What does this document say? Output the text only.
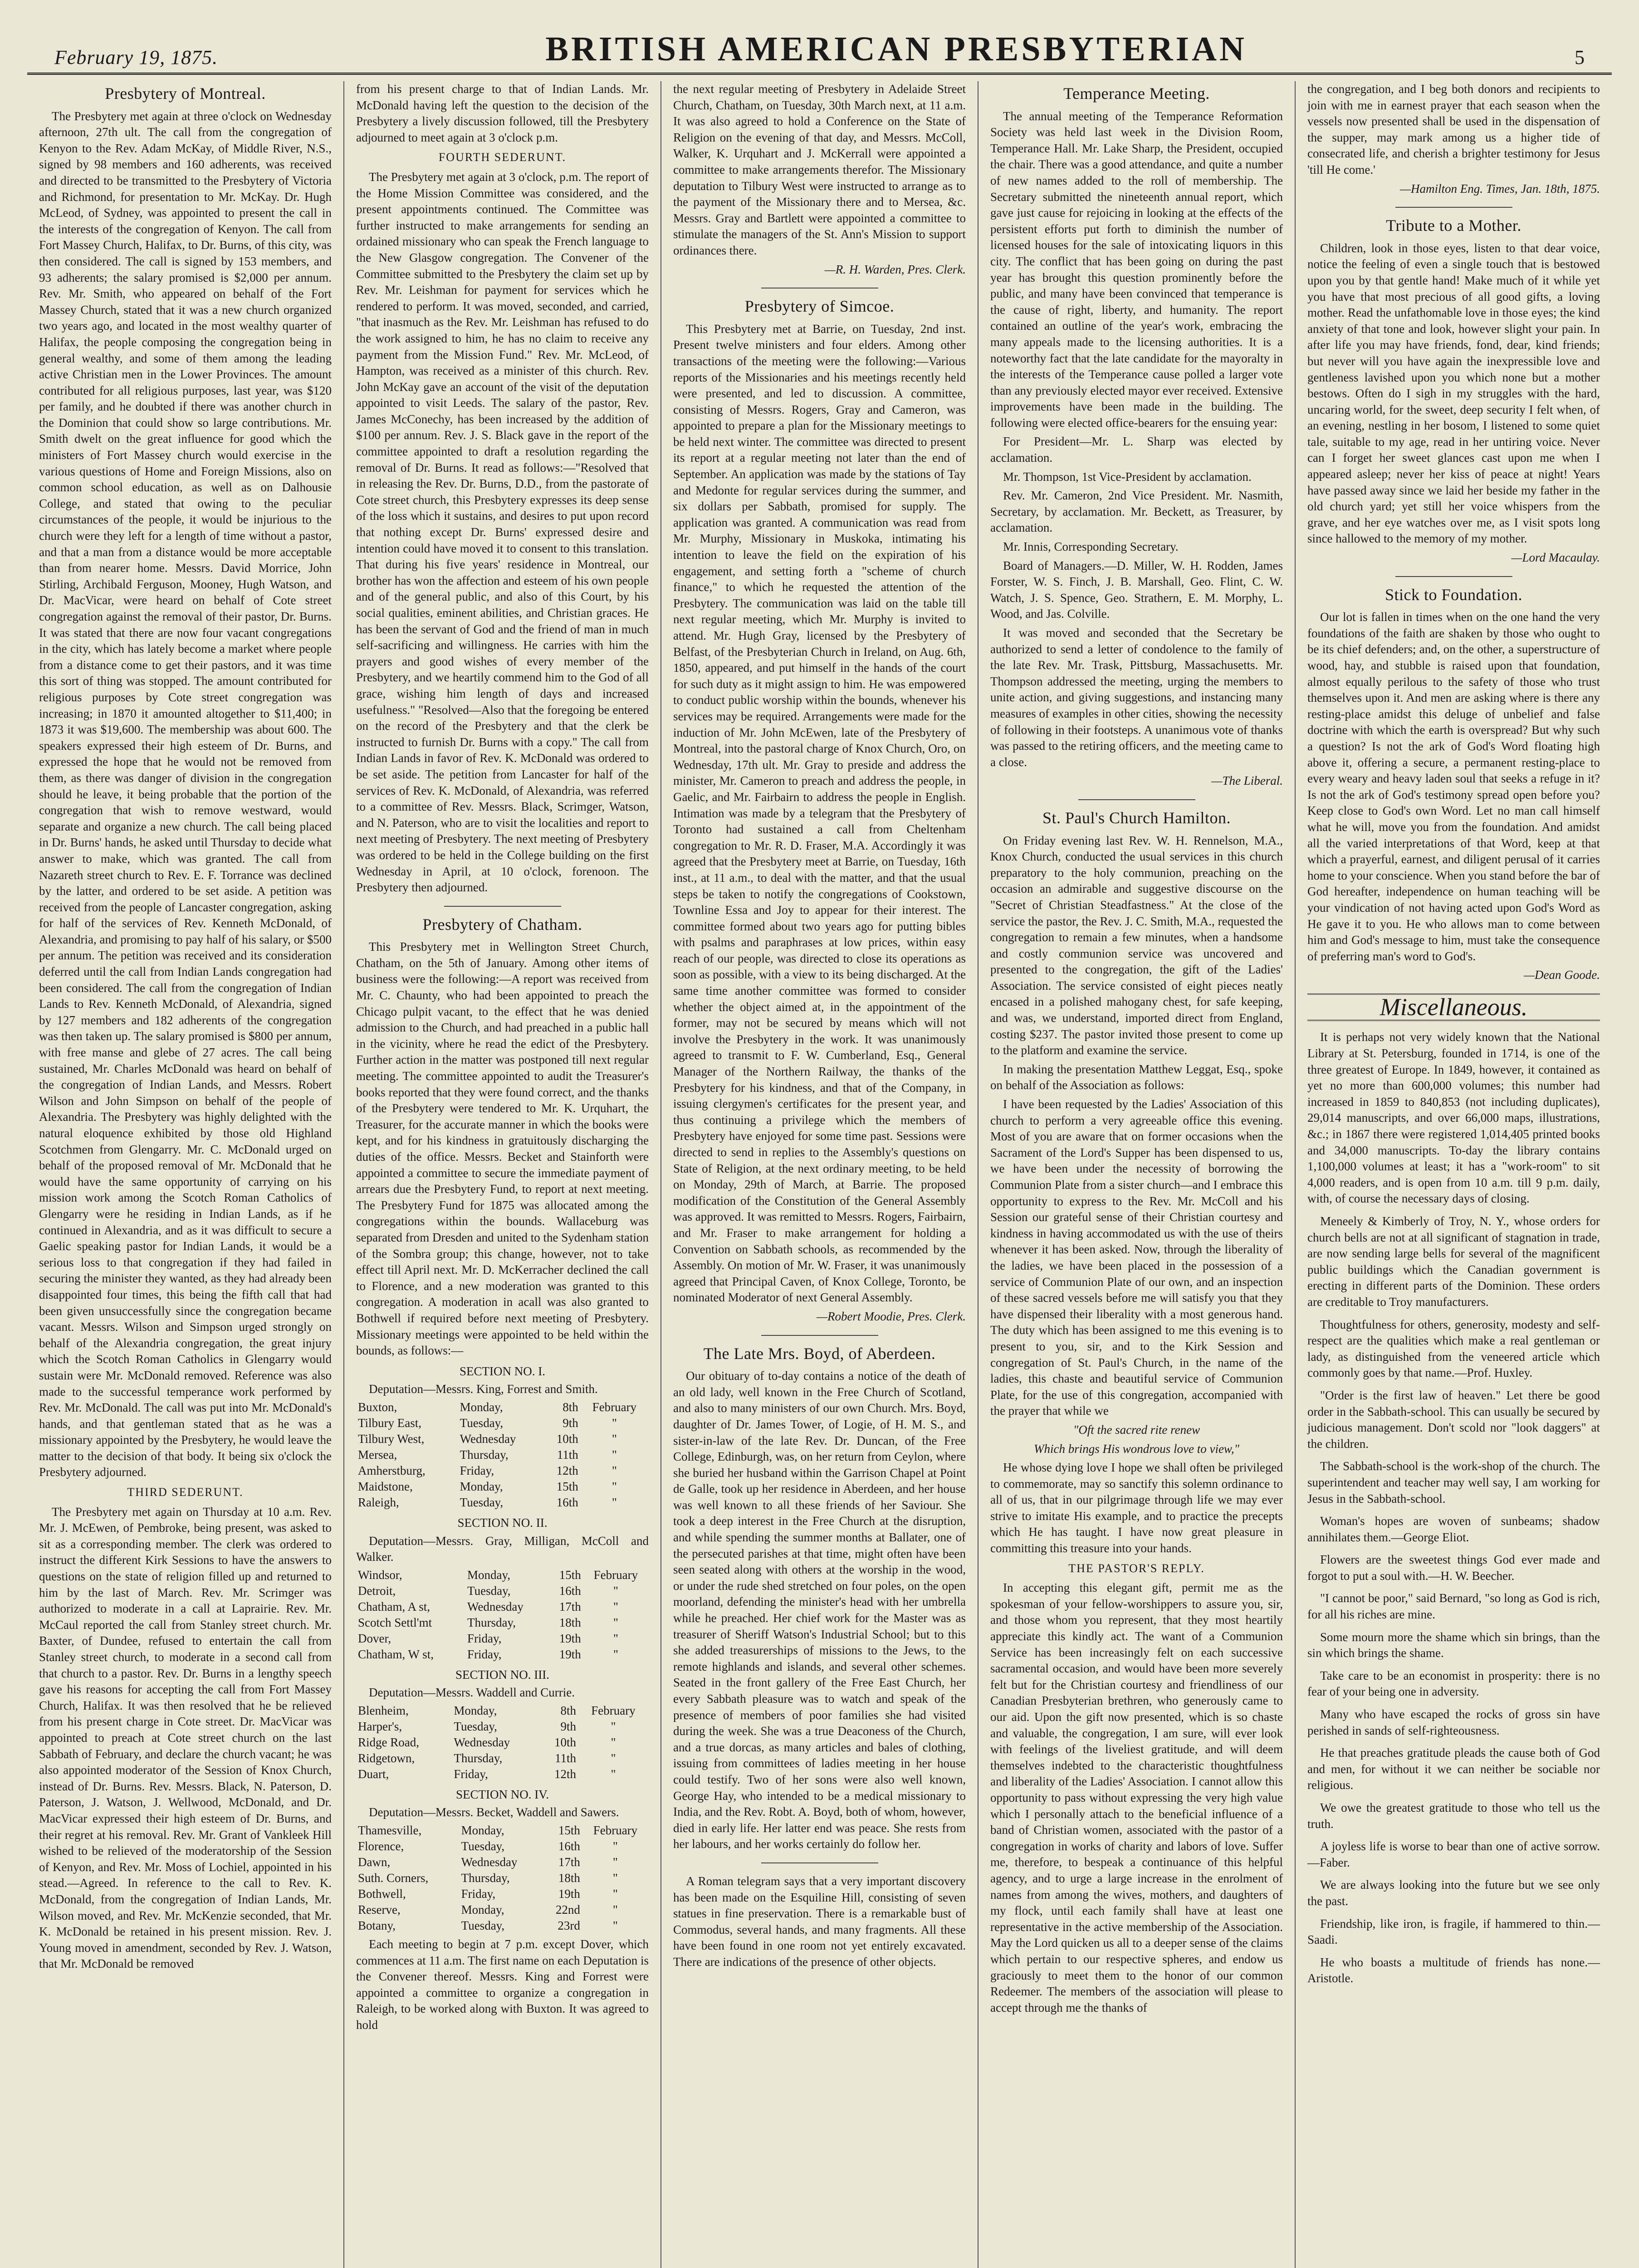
February 19, 1875.	BRITISH AMERICAN PRESBYTERIAN	5
Presbytery of Montreal.

The Presbytery met again at three o'clock on Wednesday afternoon, 27th ult. The call from the congregation of Kenyon to the Rev. Adam McKay, of Middle River, N.S., signed by 98 members and 160 adherents, was received and directed to be transmitted to the Presbytery of Victoria and Richmond, for presentation to Mr. McKay. Dr. Hugh McLeod, of Sydney, was appointed to present the call in the interests of the congregation of Kenyon. The call from Fort Massey Church, Halifax, to Dr. Burns, of this city, was then considered. The call is signed by 153 members, and 93 adherents; the salary promised is $2,000 per annum. Rev. Mr. Smith, who appeared on behalf of the Fort Massey Church, stated that it was a new church organized two years ago, and located in the most wealthy quarter of Halifax, the people composing the congregation being in general wealthy, and some of them among the leading active Christian men in the Lower Provinces. The amount contributed for all religious purposes, last year, was $120 per family, and he doubted if there was another church in the Dominion that could show so large contributions. Mr. Smith dwelt on the great influence for good which the ministers of Fort Massey church would exercise in the various questions of Home and Foreign Missions, also on common school education, as well as on Dalhousie College, and stated that owing to the peculiar circumstances of the people, it would be injurious to the church were they left for a length of time without a pastor, and that a man from a distance would be more acceptable than from nearer home. Messrs. David Morrice, John Stirling, Archibald Ferguson, Mooney, Hugh Watson, and Dr. MacVicar, were heard on behalf of Cote street congregation against the removal of their pastor, Dr. Burns. It was stated that there are now four vacant congregations in the city, which has lately become a market where people from a distance come to get their pastors, and it was time this sort of thing was stopped. The amount contributed for religious purposes by Cote street congregation was increasing; in 1870 it amounted altogether to $11,400; in 1873 it was $19,600. The membership was about 600. The speakers expressed their high esteem of Dr. Burns, and expressed the hope that he would not be removed from them, as there was danger of division in the congregation should he leave, it being probable that the portion of the congregation that wish to remove westward, would separate and organize a new church. The call being placed in Dr. Burns' hands, he asked until Thursday to decide what answer to make, which was granted. The call from Nazareth street church to Rev. E. F. Torrance was declined by the latter, and ordered to be set aside. A petition was received from the people of Lancaster congregation, asking for half of the services of Rev. Kenneth McDonald, of Alexandria, and promising to pay half of his salary, or $500 per annum. The petition was received and its consideration deferred until the call from Indian Lands congregation had been considered. The call from the congregation of Indian Lands to Rev. Kenneth McDonald, of Alexandria, signed by 127 members and 182 adherents of the congregation was then taken up. The salary promised is $800 per annum, with free manse and glebe of 27 acres. The call being sustained, Mr. Charles McDonald was heard on behalf of the congregation of Indian Lands, and Messrs. Robert Wilson and John Simpson on behalf of the people of Alexandria. The Presbytery was highly delighted with the natural eloquence exhibited by those old Highland Scotchmen from Glengarry. Mr. C. McDonald urged on behalf of the proposed removal of Mr. McDonald that he would have the same opportunity of carrying on his mission work among the Scotch Roman Catholics of Glengarry were he residing in Indian Lands, as if he continued in Alexandria, and as it was difficult to secure a Gaelic speaking pastor for Indian Lands, it would be a serious loss to that congregation if they had failed in securing the minister they wanted, as they had already been disappointed four times, this being the fifth call that had been given unsuccessfully since the congregation became vacant. Messrs. Wilson and Simpson urged strongly on behalf of the Alexandria congregation, the great injury which the Scotch Roman Catholics in Glengarry would sustain were Mr. McDonald removed. Reference was also made to the successful temperance work performed by Rev. Mr. McDonald. The call was put into Mr. McDonald's hands, and that gentleman stated that as he was a missionary appointed by the Presbytery, he would leave the matter to the decision of that body. It being six o'clock the Presbytery adjourned.

THIRD SEDERUNT.

The Presbytery met again on Thursday at 10 a.m. Rev. Mr. J. McEwen, of Pembroke, being present, was asked to sit as a corresponding member. The clerk was ordered to instruct the different Kirk Sessions to have the answers to questions on the state of religion filled up and returned to him by the last of March. Rev. Mr. Scrimger was authorized to moderate in a call at Laprairie. Rev. Mr. McCaul reported the call from Stanley street church. Mr. Baxter, of Dundee, refused to entertain the call from Stanley street church, to moderate in a second call from that church to a pastor. Rev. Dr. Burns in a lengthy speech gave his reasons for accepting the call from Fort Massey Church, Halifax. It was then resolved that he be relieved from his present charge in Cote street. Dr. MacVicar was appointed to preach at Cote street church on the last Sabbath of February, and declare the church vacant; he was also appointed moderator of the Session of Knox Church, instead of Dr. Burns. Rev. Messrs. Black, N. Paterson, D. Paterson, J. Watson, J. Wellwood, McDonald, and Dr. MacVicar expressed their high esteem of Dr. Burns, and their regret at his removal. Rev. Mr. Grant of Vankleek Hill wished to be relieved of the moderatorship of the Session of Kenyon, and Rev. Mr. Moss of Lochiel, appointed in his stead.—Agreed. In reference to the call to Rev. K. McDonald, from the congregation of Indian Lands, Mr. Wilson moved, and Rev. Mr. McKenzie seconded, that Mr. K. McDonald be retained in his present mission. Rev. J. Young moved in amendment, seconded by Rev. J. Watson, that Mr. McDonald be removed

from his present charge to that of Indian Lands. Mr. McDonald having left the question to the decision of the Presbytery a lively discussion followed, till the Presbytery adjourned to meet again at 3 o'clock p.m.

FOURTH SEDERUNT.

The Presbytery met again at 3 o'clock, p.m. The report of the Home Mission Committee was considered, and the present appointments continued. The Committee was further instructed to make arrangements for sending an ordained missionary who can speak the French language to the New Glasgow congregation. The Convener of the Committee submitted to the Presbytery the claim set up by Rev. Mr. Leishman for payment for services which he rendered to perform. It was moved, seconded, and carried, "that inasmuch as the Rev. Mr. Leishman has refused to do the work assigned to him, he has no claim to receive any payment from the Mission Fund." Rev. Mr. McLeod, of Hampton, was received as a minister of this church. Rev. John McKay gave an account of the visit of the deputation appointed to visit Leeds. The salary of the pastor, Rev. James McConechy, has been increased by the addition of $100 per annum. Rev. J. S. Black gave in the report of the committee appointed to draft a resolution regarding the removal of Dr. Burns. It read as follows:—"Resolved that in releasing the Rev. Dr. Burns, D.D., from the pastorate of Cote street church, this Presbytery expresses its deep sense of the loss which it sustains, and desires to put upon record that nothing except Dr. Burns' expressed desire and intention could have moved it to consent to this translation. That during his five years' residence in Montreal, our brother has won the affection and esteem of his own people and of the general public, and also of this Court, by his social qualities, eminent abilities, and Christian graces. He has been the servant of God and the friend of man in much self-sacrificing and willingness. He carries with him the prayers and good wishes of every member of the Presbytery, and we heartily commend him to the God of all grace, wishing him length of days and increased usefulness." "Resolved—Also that the foregoing be entered on the record of the Presbytery and that the clerk be instructed to furnish Dr. Burns with a copy." The call from Indian Lands in favor of Rev. K. McDonald was ordered to be set aside. The petition from Lancaster for half of the services of Rev. K. McDonald, of Alexandria, was referred to a committee of Rev. Messrs. Black, Scrimger, Watson, and N. Paterson, who are to visit the localities and report to next meeting of Presbytery. The next meeting of Presbytery was ordered to be held in the College building on the first Wednesday in April, at 10 o'clock, forenoon. The Presbytery then adjourned.

Presbytery of Chatham.

This Presbytery met in Wellington Street Church, Chatham, on the 5th of January. Among other items of business were the following:—A report was received from Mr. C. Chaunty, who had been appointed to preach the Chicago pulpit vacant, to the effect that he was denied admission to the Church, and had preached in a public hall in the vicinity, where he read the edict of the Presbytery. Further action in the matter was postponed till next regular meeting. The committee appointed to audit the Treasurer's books reported that they were found correct, and the thanks of the Presbytery were tendered to Mr. K. Urquhart, the Treasurer, for the accurate manner in which the books were kept, and for his kindness in gratuitously discharging the duties of the office. Messrs. Becket and Stainforth were appointed a committee to secure the immediate payment of arrears due the Presbytery Fund, to report at next meeting. The Presbytery Fund for 1875 was allocated among the congregations within the bounds. Wallaceburg was separated from Dresden and united to the Sydenham station of the Sombra group; this change, however, not to take effect till April next. Mr. D. McKerracher declined the call to Florence, and a new moderation was granted to this congregation. A moderation in acall was also granted to Bothwell if required before next meeting of Presbytery. Missionary meetings were appointed to be held within the bounds, as follows:—

SECTION NO. I.
Deputation—Messrs. King, Forrest and Smith.
Buxton,	Monday,	8th	February
Tilbury East,	Tuesday,	9th	"
Tilbury West,	Wednesday	10th	"
Mersea,	Thursday,	11th	"
Amherstburg,	Friday,	12th	"
Maidstone,	Monday,	15th	"
Raleigh,	Tuesday,	16th	"
SECTION NO. II.
Deputation—Messrs. Gray, Milligan, McColl and Walker.
Windsor,	Monday,	15th	February
Detroit,	Tuesday,	16th	"
Chatham, A st,	Wednesday	17th	"
Scotch Settl'mt	Thursday,	18th	"
Dover,	Friday,	19th	"
Chatham, W st,	Friday,	19th	"
SECTION NO. III.
Deputation—Messrs. Waddell and Currie.
Blenheim,	Monday,	8th	February
Harper's,	Tuesday,	9th	"
Ridge Road,	Wednesday	10th	"
Ridgetown,	Thursday,	11th	"
Duart,	Friday,	12th	"
SECTION NO. IV.
Deputation—Messrs. Becket, Waddell and Sawers.
Thamesville,	Monday,	15th	February
Florence,	Tuesday,	16th	"
Dawn,	Wednesday	17th	"
Suth. Corners,	Thursday,	18th	"
Bothwell,	Friday,	19th	"
Reserve,	Monday,	22nd	"
Botany,	Tuesday,	23rd	"

Each meeting to begin at 7 p.m. except Dover, which commences at 11 a.m. The first name on each Deputation is the Convener thereof. Messrs. King and Forrest were appointed a committee to organize a congregation in Raleigh, to be worked along with Buxton. It was agreed to hold

the next regular meeting of Presbytery in Adelaide Street Church, Chatham, on Tuesday, 30th March next, at 11 a.m. It was also agreed to hold a Conference on the State of Religion on the evening of that day, and Messrs. McColl, Walker, K. Urquhart and J. McKerrall were appointed a committee to make arrangements therefor. The Missionary deputation to Tilbury West were instructed to arrange as to the payment of the Missionary there and to Mersea, &c. Messrs. Gray and Bartlett were appointed a committee to stimulate the managers of the St. Ann's Mission to support ordinances there.

—R. H. Warden, Pres. Clerk.
Presbytery of Simcoe.

This Presbytery met at Barrie, on Tuesday, 2nd inst. Present twelve ministers and four elders. Among other transactions of the meeting were the following:—Various reports of the Missionaries and his meetings recently held were presented, and led to discussion. A committee, consisting of Messrs. Rogers, Gray and Cameron, was appointed to prepare a plan for the Missionary meetings to be held next winter. The committee was directed to present its report at a regular meeting not later than the end of September. An application was made by the stations of Tay and Medonte for regular services during the summer, and six dollars per Sabbath, promised for supply. The application was granted. A communication was read from Mr. Murphy, Missionary in Muskoka, intimating his intention to leave the field on the expiration of his engagement, and setting forth a "scheme of church finance," to which he requested the attention of the Presbytery. The communication was laid on the table till next regular meeting, which Mr. Murphy is invited to attend. Mr. Hugh Gray, licensed by the Presbytery of Belfast, of the Presbyterian Church in Ireland, on Aug. 6th, 1850, appeared, and put himself in the hands of the court for such duty as it might assign to him. He was empowered to conduct public worship within the bounds, whenever his services may be required. Arrangements were made for the induction of Mr. John McEwen, late of the Presbytery of Montreal, into the pastoral charge of Knox Church, Oro, on Wednesday, 17th ult. Mr. Gray to preside and address the minister, Mr. Cameron to preach and address the people, in Gaelic, and Mr. Fairbairn to address the people in English. Intimation was made by a telegram that the Presbytery of Toronto had sustained a call from Cheltenham congregation to Mr. R. D. Fraser, M.A. Accordingly it was agreed that the Presbytery meet at Barrie, on Tuesday, 16th inst., at 11 a.m., to deal with the matter, and that the usual steps be taken to notify the congregations of Cookstown, Townline Essa and Joy to appear for their interest. The committee formed about two years ago for putting bibles with psalms and paraphrases at low prices, within easy reach of our people, was directed to close its operations as soon as possible, with a view to its being discharged. At the same time another committee was formed to consider whether the object aimed at, in the appointment of the former, may not be secured by means which will not involve the Presbytery in the work. It was unanimously agreed to transmit to F. W. Cumberland, Esq., General Manager of the Northern Railway, the thanks of the Presbytery for his kindness, and that of the Company, in issuing clergymen's certificates for the present year, and thus continuing a privilege which the members of Presbytery have enjoyed for some time past. Sessions were directed to send in replies to the Assembly's questions on State of Religion, at the next ordinary meeting, to be held on Monday, 29th of March, at Barrie. The proposed modification of the Constitution of the General Assembly was approved. It was remitted to Messrs. Rogers, Fairbairn, and Mr. Fraser to make arrangement for holding a Convention on Sabbath schools, as recommended by the Assembly. On motion of Mr. W. Fraser, it was unanimously agreed that Principal Caven, of Knox College, Toronto, be nominated Moderator of next General Assembly.

—Robert Moodie, Pres. Clerk.
The Late Mrs. Boyd, of Aberdeen.

Our obituary of to-day contains a notice of the death of an old lady, well known in the Free Church of Scotland, and also to many ministers of our own Church. Mrs. Boyd, daughter of Dr. James Tower, of Logie, of H. M. S., and sister-in-law of the late Rev. Dr. Duncan, of the Free College, Edinburgh, was, on her return from Ceylon, where she buried her husband within the Garrison Chapel at Point de Galle, took up her residence in Aberdeen, and her house was well known to all these friends of her Saviour. She took a deep interest in the Free Church at the disruption, and while spending the summer months at Ballater, one of the persecuted parishes at that time, might often have been seen seated along with others at the worship in the wood, or under the rude shed stretched on four poles, on the open moorland, defending the minister's head with her umbrella while he preached. Her chief work for the Master was as treasurer of Sheriff Watson's Industrial School; but to this she added treasurerships of missions to the Jews, to the remote highlands and islands, and several other schemes. Seated in the front gallery of the Free East Church, her every Sabbath pleasure was to watch and speak of the presence of members of poor families she had visited during the week. She was a true Deaconess of the Church, and a true dorcas, as many articles and bales of clothing, issuing from committees of ladies meeting in her house could testify. Two of her sons were also well known, George Hay, who intended to be a medical missionary to India, and the Rev. Robt. A. Boyd, both of whom, however, died in early life. Her latter end was peace. She rests from her labours, and her works certainly do follow her.

A Roman telegram says that a very important discovery has been made on the Esquiline Hill, consisting of seven statues in fine preservation. There is a remarkable bust of Commodus, several hands, and many fragments. All these have been found in one room not yet entirely excavated. There are indications of the presence of other objects.

Temperance Meeting.

The annual meeting of the Temperance Reformation Society was held last week in the Division Room, Temperance Hall. Mr. Lake Sharp, the President, occupied the chair. There was a good attendance, and quite a number of new names added to the roll of membership. The Secretary submitted the nineteenth annual report, which gave just cause for rejoicing in looking at the effects of the persistent efforts put forth to diminish the number of licensed houses for the sale of intoxicating liquors in this city. The conflict that has been going on during the past year has brought this question prominently before the public, and many have been convinced that temperance is the cause of right, liberty, and humanity. The report contained an outline of the year's work, embracing the many appeals made to the licensing authorities. It is a noteworthy fact that the late candidate for the mayoralty in the interests of the Temperance cause polled a larger vote than any previously elected mayor ever received. Extensive improvements have been made in the building. The following were elected office-bearers for the ensuing year:

For President—Mr. L. Sharp was elected by acclamation.

Mr. Thompson, 1st Vice-President by acclamation.

Rev. Mr. Cameron, 2nd Vice President. Mr. Nasmith, Secretary, by acclamation. Mr. Beckett, as Treasurer, by acclamation.

Mr. Innis, Corresponding Secretary.

Board of Managers.—D. Miller, W. H. Rodden, James Forster, W. S. Finch, J. B. Marshall, Geo. Flint, C. W. Watch, J. S. Spence, Geo. Strathern, E. M. Morphy, L. Wood, and Jas. Colville.

It was moved and seconded that the Secretary be authorized to send a letter of condolence to the family of the late Rev. Mr. Trask, Pittsburg, Massachusetts. Mr. Thompson addressed the meeting, urging the members to unite action, and giving suggestions, and instancing many measures of examples in other cities, showing the necessity of following in their footsteps. A unanimous vote of thanks was passed to the retiring officers, and the meeting came to a close.

—The Liberal.
St. Paul's Church Hamilton.

On Friday evening last Rev. W. H. Rennelson, M.A., Knox Church, conducted the usual services in this church preparatory to the holy communion, preaching on the occasion an admirable and suggestive discourse on the "Secret of Christian Steadfastness." At the close of the service the pastor, the Rev. J. C. Smith, M.A., requested the congregation to remain a few minutes, when a handsome and costly communion service was uncovered and presented to the congregation, the gift of the Ladies' Association. The service consisted of eight pieces neatly encased in a polished mahogany chest, for safe keeping, and was, we understand, imported direct from England, costing $237. The pastor invited those present to come up to the platform and examine the service.

In making the presentation Matthew Leggat, Esq., spoke on behalf of the Association as follows:

I have been requested by the Ladies' Association of this church to perform a very agreeable office this evening. Most of you are aware that on former occasions when the Sacrament of the Lord's Supper has been dispensed to us, we have been under the necessity of borrowing the Communion Plate from a sister church—and I embrace this opportunity to express to the Rev. Mr. McColl and his Session our grateful sense of their Christian courtesy and kindness in having accommodated us with the use of theirs whenever it has been asked. Now, through the liberality of the ladies, we have been placed in the possession of a service of Communion Plate of our own, and an inspection of these sacred vessels before me will satisfy you that they have dispensed their liberality with a most generous hand. The duty which has been assigned to me this evening is to present to you, sir, and to the Kirk Session and congregation of St. Paul's Church, in the name of the ladies, this chaste and beautiful service of Communion Plate, for the use of this congregation, accompanied with the prayer that while we

"Oft the sacred rite renew
Which brings His wondrous love to view,"

He whose dying love I hope we shall often be privileged to commemorate, may so sanctify this solemn ordinance to all of us, that in our pilgrimage through life we may ever strive to imitate His example, and to practice the precepts which He has taught. I have now great pleasure in committing this treasure into your hands.

THE PASTOR'S REPLY.

In accepting this elegant gift, permit me as the spokesman of your fellow-worshippers to assure you, sir, and those whom you represent, that they most heartily appreciate this kindly act. The want of a Communion Service has been increasingly felt on each successive sacramental occasion, and would have been more severely felt but for the Christian courtesy and friendliness of our Canadian Presbyterian brethren, who generously came to our aid. Upon the gift now presented, which is so chaste and valuable, the congregation, I am sure, will ever look with feelings of the liveliest gratitude, and will deem themselves indebted to the characteristic thoughtfulness and liberality of the Ladies' Association. I cannot allow this opportunity to pass without expressing the very high value which I personally attach to the beneficial influence of a band of Christian women, associated with the pastor of a congregation in works of charity and labors of love. Suffer me, therefore, to bespeak a continuance of this helpful agency, and to urge a large increase in the enrolment of names from among the wives, mothers, and daughters of my flock, until each family shall have at least one representative in the active membership of the Association. May the Lord quicken us all to a deeper sense of the claims which pertain to our respective spheres, and endow us graciously to meet them to the honor of our common Redeemer. The members of the association will please to accept through me the thanks of

the congregation, and I beg both donors and recipients to join with me in earnest prayer that each season when the vessels now presented shall be used in the dispensation of the supper, may mark among us a higher tide of consecrated life, and cherish a brighter testimony for Jesus 'till He come.'

—Hamilton Eng. Times, Jan. 18th, 1875.
Tribute to a Mother.

Children, look in those eyes, listen to that dear voice, notice the feeling of even a single touch that is bestowed upon you by that gentle hand! Make much of it while yet you have that most precious of all good gifts, a loving mother. Read the unfathomable love in those eyes; the kind anxiety of that tone and look, however slight your pain. In after life you may have friends, fond, dear, kind friends; but never will you have again the inexpressible love and gentleness lavished upon you which none but a mother bestows. Often do I sigh in my struggles with the hard, uncaring world, for the sweet, deep security I felt when, of an evening, nestling in her bosom, I listened to some quiet tale, suitable to my age, read in her untiring voice. Never can I forget her sweet glances cast upon me when I appeared asleep; never her kiss of peace at night! Years have passed away since we laid her beside my father in the old church yard; yet still her voice whispers from the grave, and her eye watches over me, as I visit spots long since hallowed to the memory of my mother.

—Lord Macaulay.
Stick to Foundation.

Our lot is fallen in times when on the one hand the very foundations of the faith are shaken by those who ought to be its chief defenders; and, on the other, a superstructure of wood, hay, and stubble is raised upon that foundation, almost equally perilous to the safety of those who trust themselves upon it. And men are asking where is there any resting-place amidst this deluge of unbelief and false doctrine with which the earth is overspread? But why such a question? Is not the ark of God's Word floating high above it, offering a secure, a permanent resting-place to every weary and heavy laden soul that seeks a refuge in it? Is not the ark of God's testimony spread open before you? Keep close to God's own Word. Let no man call himself what he will, move you from the foundation. And amidst all the varied interpretations of that Word, keep at that which a prayerful, earnest, and diligent perusal of it carries home to your conscience. When you stand before the bar of God hereafter, independence on human teaching will be your vindication of not having acted upon God's Word as He gave it to you. He who allows man to come between him and God's message to him, must take the consequence of preferring man's word to God's.

—Dean Goode.
Miscellaneous.

It is perhaps not very widely known that the National Library at St. Petersburg, founded in 1714, is one of the three greatest of Europe. In 1849, however, it contained as yet no more than 600,000 volumes; this number had increased in 1859 to 840,853 (not including duplicates), 29,014 manuscripts, and over 66,000 maps, illustrations, &c.; in 1867 there were registered 1,014,405 printed books and 34,000 manuscripts. To-day the library contains 1,100,000 volumes at least; it has a "work-room" to sit 4,000 readers, and is open from 10 a.m. till 9 p.m. daily, with, of course the necessary days of closing.

Meneely & Kimberly of Troy, N. Y., whose orders for church bells are not at all significant of stagnation in trade, are now sending large bells for several of the magnificent public buildings which the Canadian government is erecting in different parts of the Dominion. These orders are creditable to Troy manufacturers.

Thoughtfulness for others, generosity, modesty and self-respect are the qualities which make a real gentleman or lady, as distinguished from the veneered article which commonly goes by that name.—Prof. Huxley.

"Order is the first law of heaven." Let there be good order in the Sabbath-school. This can usually be secured by judicious management. Don't scold nor "look daggers" at the children.

The Sabbath-school is the work-shop of the church. The superintendent and teacher may well say, I am working for Jesus in the Sabbath-school.

Woman's hopes are woven of sunbeams; shadow annihilates them.—George Eliot.

Flowers are the sweetest things God ever made and forgot to put a soul with.—H. W. Beecher.

"I cannot be poor," said Bernard, "so long as God is rich, for all his riches are mine.

Some mourn more the shame which sin brings, than the sin which brings the shame.

Take care to be an economist in prosperity: there is no fear of your being one in adversity.

Many who have escaped the rocks of gross sin have perished in sands of self-righteousness.

He that preaches gratitude pleads the cause both of God and men, for without it we can neither be sociable nor religious.

We owe the greatest gratitude to those who tell us the truth.

A joyless life is worse to bear than one of active sorrow.—Faber.

We are always looking into the future but we see only the past.

Friendship, like iron, is fragile, if hammered to thin.—Saadi.

He who boasts a multitude of friends has none.—Aristotle.
